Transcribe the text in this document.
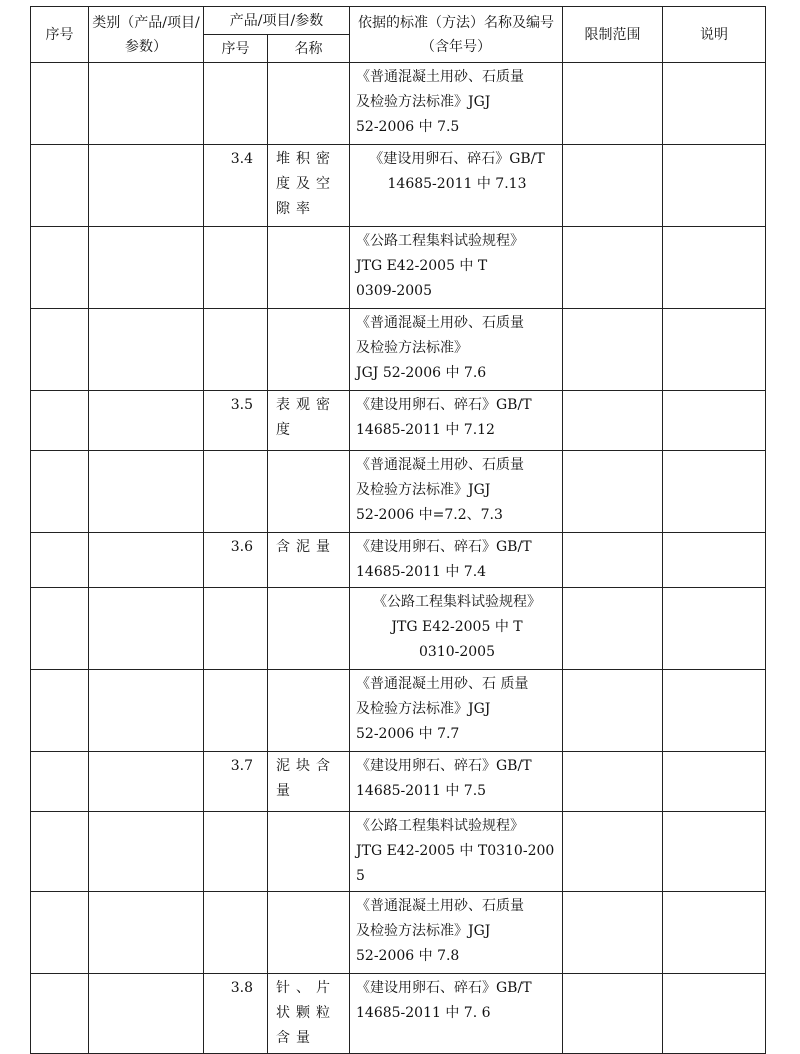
序号	类别（产品/项目/参数）	产品/项目/参数		依据的标准（方法）名称及编号（含年号）	限制范围	说明
		序号	名称			

				《普通混凝土用砂、石质量
及检验方法标准》JGJ
52-2006 中 7.5		

		3.4	堆积密度及空隙率	《建设用卵石、碎石》GB/T
14685-2011 中 7.13		

				《公路工程集料试验规程》
JTG E42-2005 中 T
0309-2005		

				《普通混凝土用砂、石质量
及检验方法标准》
JGJ 52-2006 中 7.6		

		3.5	表观密度	《建设用卵石、碎石》GB/T
14685-2011 中 7.12		

				《普通混凝土用砂、石质量
及检验方法标准》JGJ
52-2006 中=7.2、7.3		

		3.6	含泥量	《建设用卵石、碎石》GB/T
14685-2011 中 7.4		

				《公路工程集料试验规程》
JTG E42-2005 中 T
0310-2005		

				《普通混凝土用砂、石 质量
及检验方法标准》JGJ
52-2006 中 7.7		

		3.7	泥块含量	《建设用卵石、碎石》GB/T
14685-2011 中 7.5		

				《公路工程集料试验规程》
JTG E42-2005 中 T0310-2005		

				《普通混凝土用砂、石质量
及检验方法标准》JGJ
52-2006 中 7.8		

		3.8	针、片状颗粒含量	《建设用卵石、碎石》GB/T
14685-2011 中 7. 6		
